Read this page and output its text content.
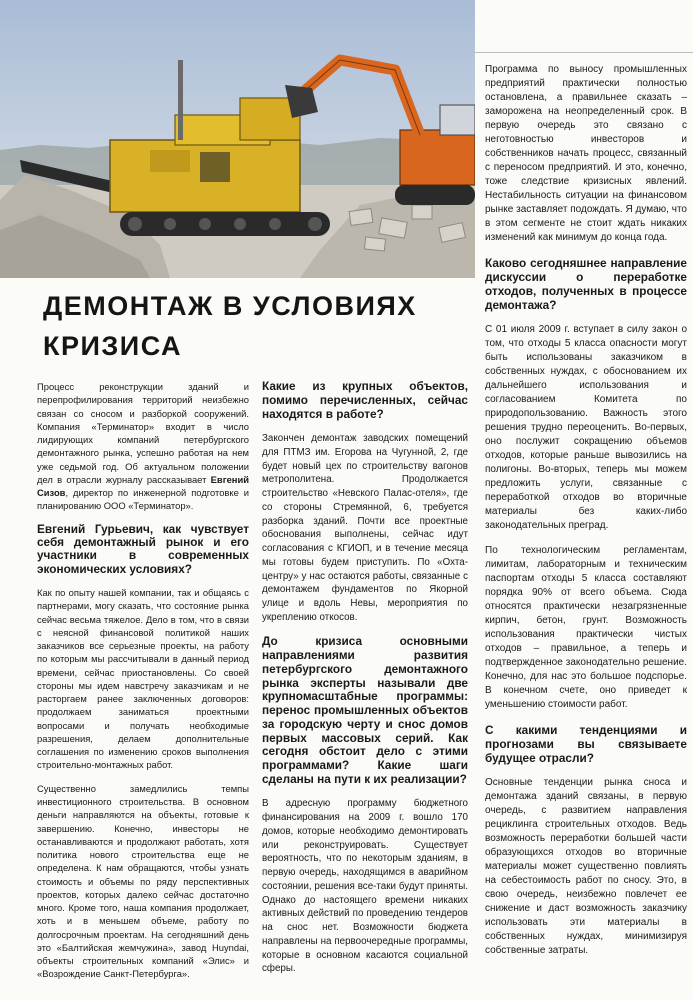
ДЕМОНТАЖ В УСЛОВИЯХ
КРИЗИСА

Процесс реконструкции зданий и перепрофилирования территорий неизбежно связан со сносом и разборкой сооружений. Компания «Терминатор» входит в число лидирующих компаний петербургского демонтажного рынка, успешно работая на нем уже седьмой год. Об актуальном положении дел в отрасли журналу рассказывает Евгений Сизов, директор по инженерной подготовке и планированию ООО «Терминатор».

Евгений Гурьевич, как чувствует себя демонтажный рынок и его участники в современных экономических условиях?

Как по опыту нашей компании, так и общаясь с партнерами, могу сказать, что состояние рынка сейчас весьма тяжелое. Дело в том, что в связи с неясной финансовой политикой наших заказчиков все серьезные проекты, на работу по которым мы рассчитывали в данный период времени, сейчас приостановлены. Со своей стороны мы идем навстречу заказчикам и не расторгаем ранее заключенных договоров: продолжаем заниматься проектными вопросами и получать необходимые разрешения, делаем дополнительные соглашения по изменению сроков выполнения строительно-монтажных работ.

Существенно замедлились темпы инвестиционного строительства. В основном деньги направляются на объекты, готовые к завершению. Конечно, инвесторы не останавливаются и продолжают работать, хотя политика нового строительства еще не определена. К нам обращаются, чтобы узнать стоимость и объемы по ряду перспективных проектов, которых далеко сейчас достаточно много. Кроме того, наша компания продолжает, хоть и в меньшем объеме, работу по долгосрочным проектам. На сегодняшний день это «Балтийская жемчужина», завод Huyndai, объекты строительных компаний «Элис» и «Возрождение Санкт-Петербурга».

Какие из крупных объектов, помимо перечисленных, сейчас находятся в работе?

Закончен демонтаж заводских помещений для ПТМЗ им. Егорова на Чугунной, 2, где будет новый цех по строительству вагонов метрополитена. Продолжается строительство «Невского Палас-отеля», где со стороны Стремянной, 6, требуется разборка зданий. Почти все проектные обоснования выполнены, сейчас идут согласования с КГИОП, и в течение месяца мы готовы будем приступить. По «Охта-центру» у нас остаются работы, связанные с демонтажем фундаментов по Якорной улице и вдоль Невы, мероприятия по укреплению откосов.

До кризиса основными направлениями развития петербургского демонтажного рынка эксперты называли две крупномасштабные программы: перенос промышленных объектов за городскую черту и снос домов первых массовых серий. Как сегодня обстоит дело с этими программами? Какие шаги сделаны на пути к их реализации?

В адресную программу бюджетного финансирования на 2009 г. вошло 170 домов, которые необходимо демонтировать или реконструировать. Существует вероятность, что по некоторым зданиям, в первую очередь, находящимся в аварийном состоянии, решения все-таки будут приняты. Однако до настоящего времени никаких активных действий по проведению тендеров на снос нет. Возможности бюджета направлены на первоочередные программы, которые в основном касаются социальной сферы.

Программа по выносу промышленных предприятий практически полностью остановлена, а правильнее сказать – заморожена на неопределенный срок. В первую очередь это связано с неготовностью инвесторов и собственников начать процесс, связанный с переносом предприятий. И это, конечно, тоже следствие кризисных явлений. Нестабильность ситуации на финансовом рынке заставляет подождать. Я думаю, что в этом сегменте не стоит ждать никаких изменений как минимум до конца года.

Каково сегодняшнее направление дискуссии о переработке отходов, полученных в процессе демонтажа?

С 01 июля 2009 г. вступает в силу закон о том, что отходы 5 класса опасности могут быть использованы заказчиком в собственных нуждах, с обоснованием их дальнейшего использования и согласованием Комитета по природопользованию. Важность этого решения трудно переоценить. Во-первых, оно послужит сокращению объемов отходов, которые раньше вывозились на полигоны. Во-вторых, теперь мы можем предложить услуги, связанные с переработкой отходов во вторичные материалы без каких-либо законодательных преград.

По технологическим регламентам, лимитам, лабораторным и техническим паспортам отходы 5 класса составляют порядка 90% от всего объема. Сюда относятся практически незагрязненные кирпич, бетон, грунт. Возможность использования практически чистых отходов – правильное, а теперь и подтвержденное законодательно решение. Конечно, для нас это большое подспорье. В конечном счете, оно приведет к уменьшению стоимости работ.

С какими тенденциями и прогнозами вы связываете будущее отрасли?

Основные тенденции рынка сноса и демонтажа зданий связаны, в первую очередь, с развитием направления рециклинга строительных отходов. Ведь возможность переработки большей части образующихся отходов во вторичные материалы может существенно повлиять на себестоимость работ по сносу. Это, в свою очередь, неизбежно повлечет ее снижение и даст возможность заказчику использовать эти материалы в собственных нуждах, минимизируя собственные затраты.
